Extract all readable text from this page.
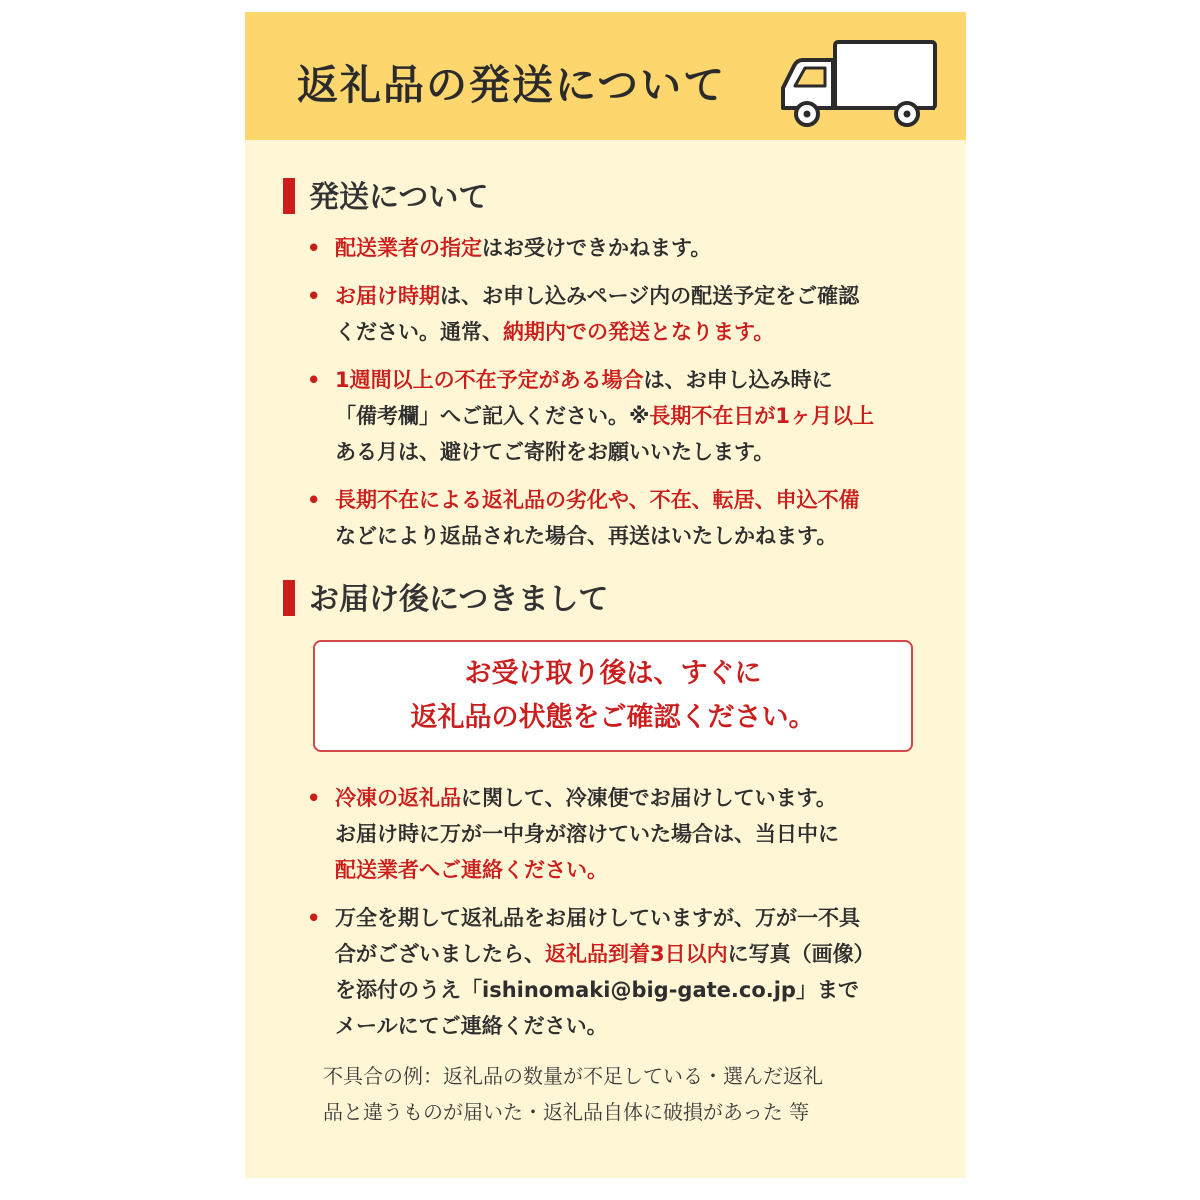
返礼品の発送について
発送について
• 配送業者の指定はお受けできかねます。
• お届け時期は、お申し込みページ内の配送予定をご確認
ください。通常、納期内での発送となります。
• 1週間以上の不在予定がある場合は、お申し込み時に
「備考欄」へご記入ください。※長期不在日が1ヶ月以上
ある月は、避けてご寄附をお願いいたします。
• 長期不在による返礼品の劣化や、不在、転居、申込不備
などにより返品された場合、再送はいたしかねます。
お届け後につきまして
お受け取り後は、すぐに
返礼品の状態をご確認ください。
• 冷凍の返礼品に関して、冷凍便でお届けしています。
お届け時に万が一中身が溶けていた場合は、当日中に
配送業者へご連絡ください。
• 万全を期して返礼品をお届けしていますが、万が一不具
合がございましたら、返礼品到着3日以内に写真（画像）
を添付のうえ「ishinomaki@big-gate.co.jp」まで
メールにてご連絡ください。
不具合の例：返礼品の数量が不足している・選んだ返礼
品と違うものが届いた・返礼品自体に破損があった 等
